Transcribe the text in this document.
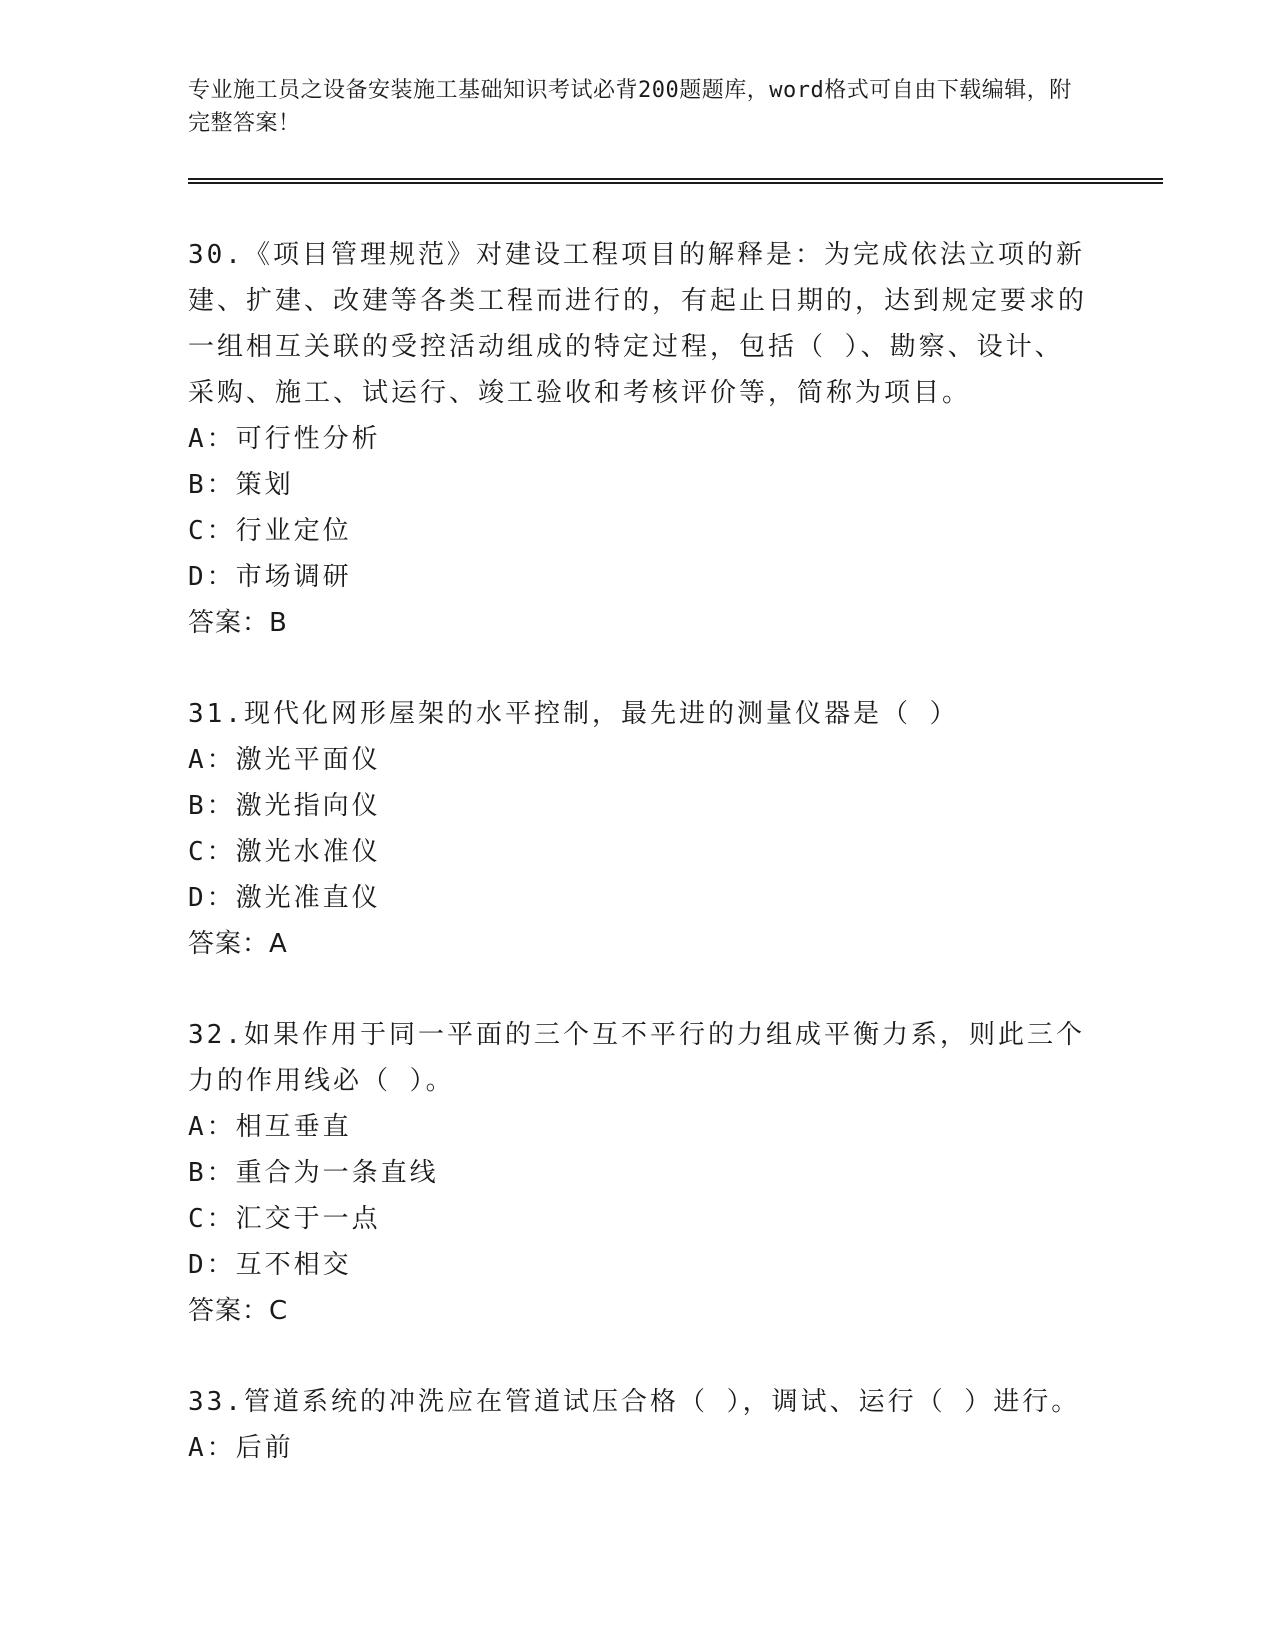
专业施工员之设备安装施工基础知识考试必背200题题库，word格式可自由下载编辑，附完整答案！

30.《项目管理规范》对建设工程项目的解释是：为完成依法立项的新建、扩建、改建等各类工程而进行的，有起止日期的，达到规定要求的一组相互关联的受控活动组成的特定过程，包括（ ）、勘察、设计、采购、施工、试运行、竣工验收和考核评价等，简称为项目。

A：可行性分析

B：策划

C：行业定位

D：市场调研

答案：B

31.现代化网形屋架的水平控制，最先进的测量仪器是（ ）

A：激光平面仪

B：激光指向仪

C：激光水准仪

D：激光准直仪

答案：A

32.如果作用于同一平面的三个互不平行的力组成平衡力系，则此三个力的作用线必（ ）。

A：相互垂直

B：重合为一条直线

C：汇交于一点

D：互不相交

答案：C

33.管道系统的冲洗应在管道试压合格（ ），调试、运行（ ）进行。

A：后前
